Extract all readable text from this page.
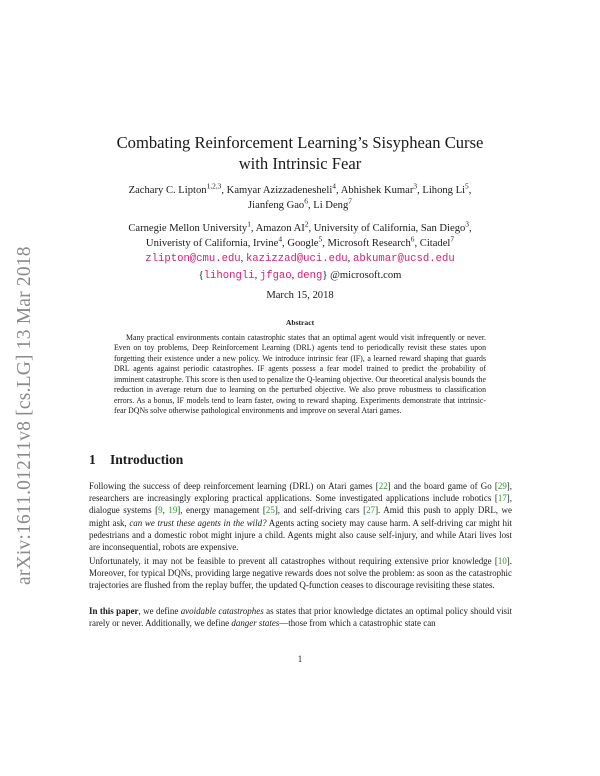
arXiv:1611.01211v8 [cs.LG] 13 Mar 2018
Combating Reinforcement Learning’s Sisyphean Curse
with Intrinsic Fear
Zachary C. Lipton$^{1,2,3}$, Kamyar Azizzadenesheli$^4$, Abhishek Kumar$^3$, Lihong Li$^5$,
Jianfeng Gao$^6$, Li Deng$^7$
Carnegie Mellon University$^1$, Amazon $AI^2$, University of California, San Diego$^3$,
Univeristy of California, Irvine$^4$, Google$^5$, Microsoft Research$^6$, Citadel$^7$
zlipton@cmu.edu, kazizzad@uci.edu, abkumar@ucsd.edu
{lihongli, jfgao, deng} @microsoft.com
March 15, 2018
Abstract
Many practical environments contain catastrophic states that an optimal agent would visit infrequently or never. Even on toy problems, Deep Reinforcement Learning (DRL) agents tend to periodically revisit these states upon forgetting their existence under a new policy. We introduce intrinsic fear (IF), a learned reward shaping that guards DRL agents against periodic catastrophes. IF agents possess a fear model trained to predict the probability of imminent catastrophe. This score is then used to penalize the Q-learning objective. Our theoretical analysis bounds the reduction in average return due to learning on the perturbed objective. We also prove robustness to classification errors. As a bonus, IF models tend to learn faster, owing to reward shaping. Experiments demonstrate that intrinsic-fear DQNs solve otherwise pathological environments and improve on several Atari games.
1 Introduction
Following the success of deep reinforcement learning (DRL) on Atari games [22] and the board game of Go [29], researchers are increasingly exploring practical applications. Some investigated applications include robotics [17], dialogue systems [9, 19], energy management [25], and self-driving cars [27]. Amid this push to apply DRL, we might ask, can we trust these agents in the wild? Agents acting society may cause harm. A self-driving car might hit pedestrians and a domestic robot might injure a child. Agents might also cause self-injury, and while Atari lives lost are inconsequential, robots are expensive.
Unfortunately, it may not be feasible to prevent all catastrophes without requiring extensive prior knowledge [10]. Moreover, for typical DQNs, providing large negative rewards does not solve the problem: as soon as the catastrophic trajectories are flushed from the replay buffer, the updated Q-function ceases to discourage revisiting these states.
In this paper, we define avoidable catastrophes as states that prior knowledge dictates an optimal policy should visit rarely or never. Additionally, we define danger states—those from which a catastrophic state can
1
